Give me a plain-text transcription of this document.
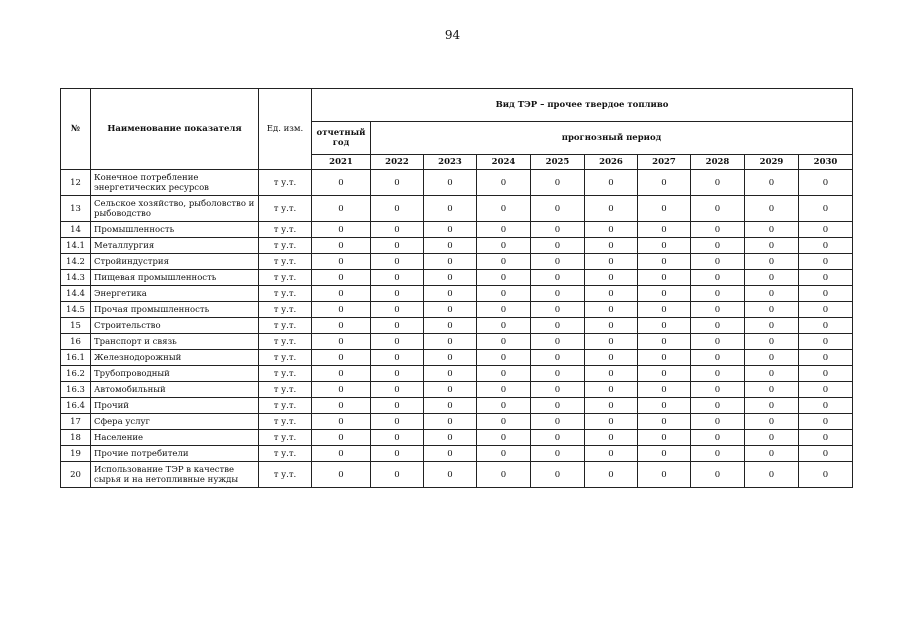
94
№	Наименование показателя	Ед. изм.	Вид ТЭР – прочее твердое топливо									
			отчетный год	прогнозный период								
			2021	2022	2023	2024	2025	2026	2027	2028	2029	2030
12	Конечное потребление энергетических ресурсов	т у.т.	0	0	0	0	0	0	0	0	0	0
13	Сельское хозяйство, рыболовство и рыбоводство	т у.т.	0	0	0	0	0	0	0	0	0	0
14	Промышленность	т у.т.	0	0	0	0	0	0	0	0	0	0
14.1	Металлургия	т у.т.	0	0	0	0	0	0	0	0	0	0
14.2	Стройиндустрия	т у.т.	0	0	0	0	0	0	0	0	0	0
14.3	Пищевая промышленность	т у.т.	0	0	0	0	0	0	0	0	0	0
14.4	Энергетика	т у.т.	0	0	0	0	0	0	0	0	0	0
14.5	Прочая промышленность	т у.т.	0	0	0	0	0	0	0	0	0	0
15	Строительство	т у.т.	0	0	0	0	0	0	0	0	0	0
16	Транспорт и связь	т у.т.	0	0	0	0	0	0	0	0	0	0
16.1	Железнодорожный	т у.т.	0	0	0	0	0	0	0	0	0	0
16.2	Трубопроводный	т у.т.	0	0	0	0	0	0	0	0	0	0
16.3	Автомобильный	т у.т.	0	0	0	0	0	0	0	0	0	0
16.4	Прочий	т у.т.	0	0	0	0	0	0	0	0	0	0
17	Сфера услуг	т у.т.	0	0	0	0	0	0	0	0	0	0
18	Население	т у.т.	0	0	0	0	0	0	0	0	0	0
19	Прочие потребители	т у.т.	0	0	0	0	0	0	0	0	0	0
20	Использование ТЭР в качестве сырья и на нетопливные нужды	т у.т.	0	0	0	0	0	0	0	0	0	0
